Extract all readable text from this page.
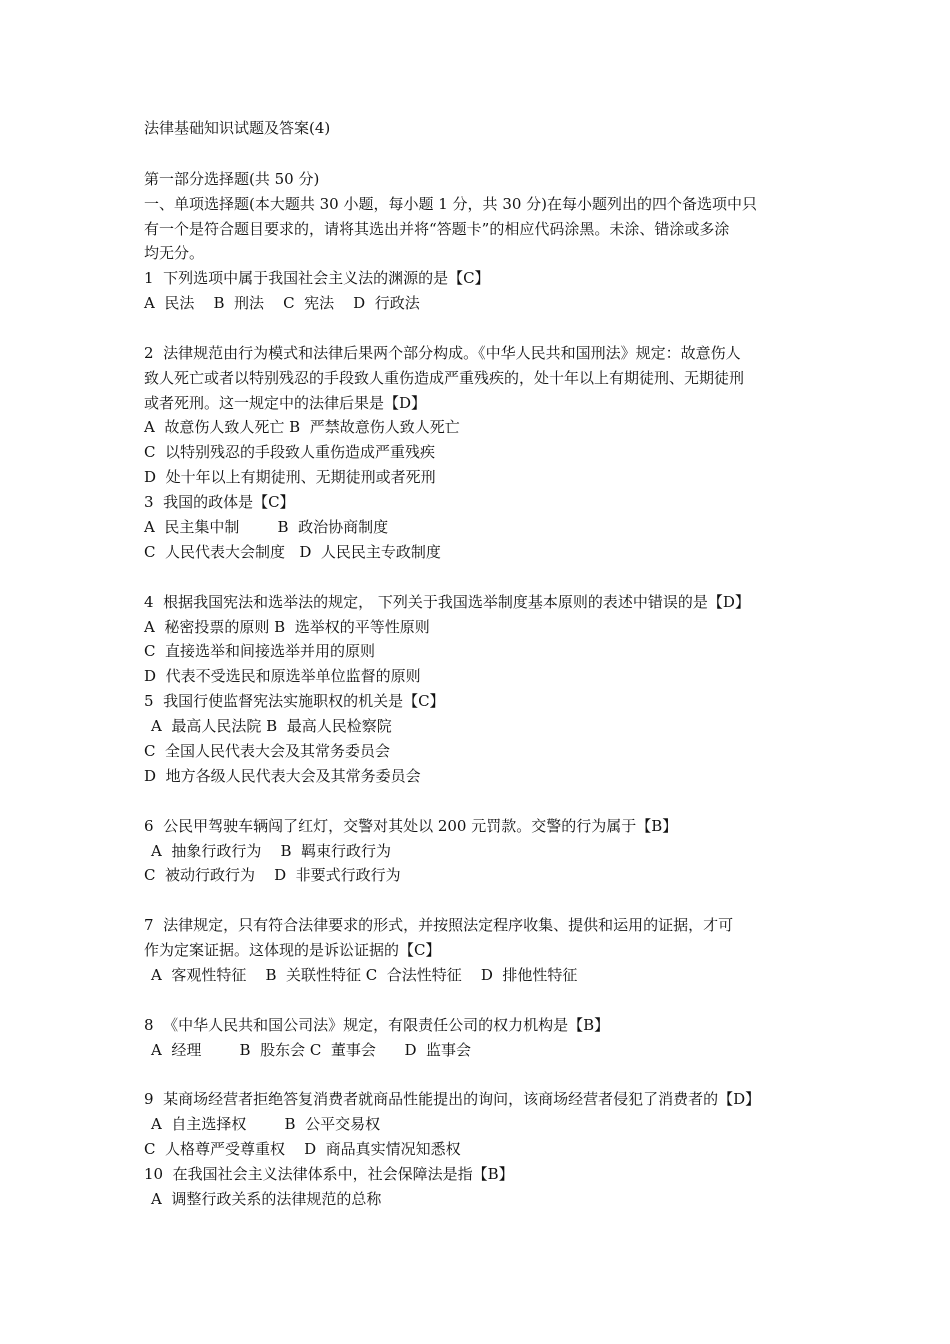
法律基础知识试题及答案(4)
第一部分选择题(共 50 分)
一、单项选择题(本大题共 30 小题，每小题 1 分，共 30 分)在每小题列出的四个备选项中只
有一个是符合题目要求的，请将其选出并将“答题卡”的相应代码涂黑。未涂、错涂或多涂
均无分。
1  下列选项中属于我国社会主义法的渊源的是【C】
A  民法    B  刑法    C  宪法    D  行政法
2  法律规范由行为模式和法律后果两个部分构成。《中华人民共和国刑法》规定：故意伤人
致人死亡或者以特别残忍的手段致人重伤造成严重残疾的，处十年以上有期徒刑、无期徒刑
或者死刑。这一规定中的法律后果是【D】
A  故意伤人致人死亡 B  严禁故意伤人致人死亡
C  以特别残忍的手段致人重伤造成严重残疾
D  处十年以上有期徒刑、无期徒刑或者死刑
3  我国的政体是【C】
A  民主集中制        B  政治协商制度
C  人民代表大会制度   D  人民民主专政制度
4  根据我国宪法和选举法的规定， 下列关于我国选举制度基本原则的表述中错误的是【D】
A  秘密投票的原则 B  选举权的平等性原则
C  直接选举和间接选举并用的原则
D  代表不受选民和原选举单位监督的原则
5  我国行使监督宪法实施职权的机关是【C】
A  最高人民法院 B  最高人民检察院
C  全国人民代表大会及其常务委员会
D  地方各级人民代表大会及其常务委员会
6  公民甲驾驶车辆闯了红灯，交警对其处以 200 元罚款。交警的行为属于【B】
A  抽象行政行为    B  羁束行政行为
C  被动行政行为    D  非要式行政行为
7  法律规定，只有符合法律要求的形式，并按照法定程序收集、提供和运用的证据，才可
作为定案证据。这体现的是诉讼证据的【C】
A  客观性特征    B  关联性特征 C  合法性特征    D  排他性特征
8  《中华人民共和国公司法》规定，有限责任公司的权力机构是【B】
A  经理        B  股东会 C  董事会      D  监事会
9  某商场经营者拒绝答复消费者就商品性能提出的询问，该商场经营者侵犯了消费者的【D】
A  自主选择权        B  公平交易权
C  人格尊严受尊重权    D  商品真实情况知悉权
10  在我国社会主义法律体系中，社会保障法是指【B】
A  调整行政关系的法律规范的总称
